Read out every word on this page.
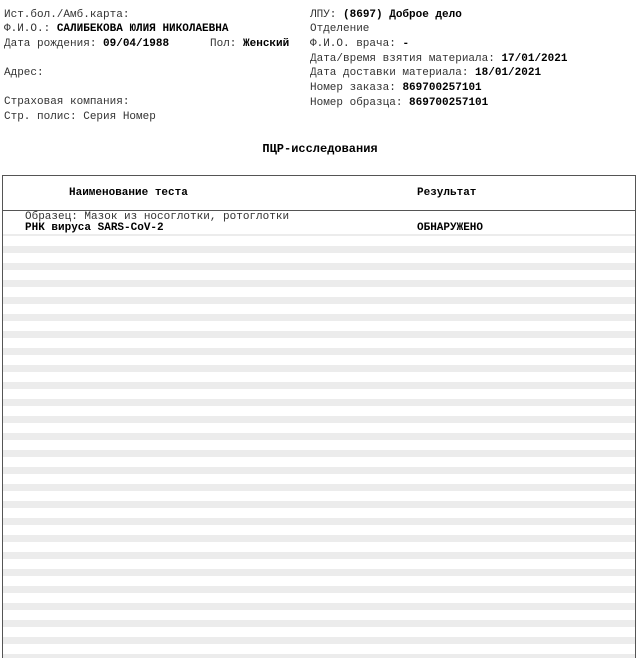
Ист.бол./Амб.карта:
Ф.И.О.: САЛИБЕКОВА ЮЛИЯ НИКОЛАЕВНА
Дата рождения: 09/04/1988	Пол: Женский
Адрес:
Страховая компания:
Стр. полис: Серия Номер
ЛПУ: (8697) Доброе дело
Отделение
Ф.И.О. врача: -
Дата/время взятия материала: 17/01/2021
Дата доставки материала: 18/01/2021
Номер заказа: 869700257101
Номер образца: 869700257101
ПЦР-исследования
Наименование теста	Результат
Образец: Мазок из носоглотки, ротоглотки
РНК вируса SARS-CoV-2	ОБНАРУЖЕНО
